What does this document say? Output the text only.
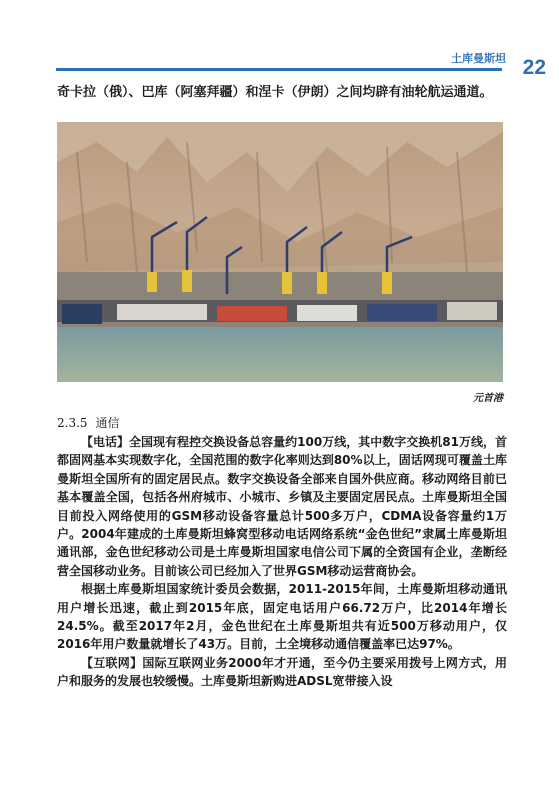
土库曼斯坦 22
奇卡拉（俄）、巴库（阿塞拜疆）和涅卡（伊朗）之间均辟有油轮航运通道。
元首港
2.3.5 通信

【电话】全国现有程控交换设备总容量约100万线，其中数字交换机81万线，首都固网基本实现数字化，全国范围的数字化率则达到80%以上，固话网现可覆盖土库曼斯坦全国所有的固定居民点。数字交换设备全部来自国外供应商。移动网络目前已基本覆盖全国，包括各州府城市、小城市、乡镇及主要固定居民点。土库曼斯坦全国目前投入网络使用的GSM移动设备容量总计500多万户，CDMA设备容量约1万户。2004年建成的土库曼斯坦蜂窝型移动电话网络系统“金色世纪”隶属土库曼斯坦通讯部，金色世纪移动公司是土库曼斯坦国家电信公司下属的全资国有企业，垄断经营全国移动业务。目前该公司已经加入了世界GSM移动运营商协会。

根据土库曼斯坦国家统计委员会数据，2011-2015年间，土库曼斯坦移动通讯用户增长迅速，截止到2015年底，固定电话用户66.72万户，比2014年增长24.5%。截至2017年2月，金色世纪在土库曼斯坦共有近500万移动用户，仅2016年用户数量就增长了43万。目前，土全境移动通信覆盖率已达97%。

【互联网】国际互联网业务2000年才开通，至今仍主要采用拨号上网方式，用户和服务的发展也较缓慢。土库曼斯坦新购进ADSL宽带接入设
